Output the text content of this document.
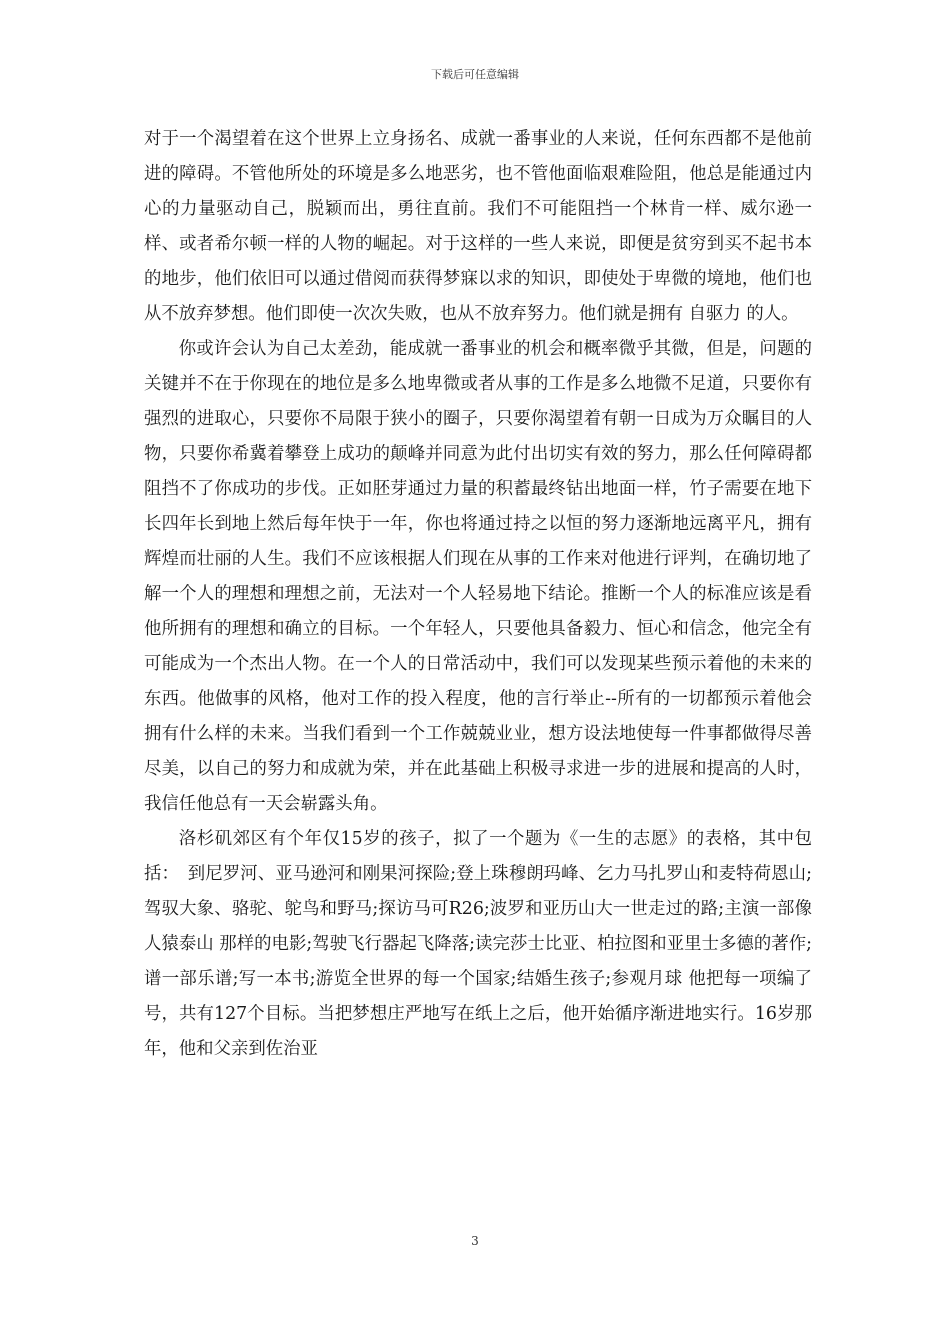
下载后可任意编辑

对于一个渴望着在这个世界上立身扬名、成就一番事业的人来说，任何东西都不是他前进的障碍。不管他所处的环境是多么地恶劣，也不管他面临艰难险阻，他总是能通过内心的力量驱动自己，脱颖而出，勇往直前。我们不可能阻挡一个林肯一样、威尔逊一样、或者希尔顿一样的人物的崛起。对于这样的一些人来说，即便是贫穷到买不起书本的地步，他们依旧可以通过借阅而获得梦寐以求的知识，即使处于卑微的境地，他们也从不放弃梦想。他们即使一次次失败，也从不放弃努力。他们就是拥有 自驱力 的人。

你或许会认为自己太差劲，能成就一番事业的机会和概率微乎其微，但是，问题的关键并不在于你现在的地位是多么地卑微或者从事的工作是多么地微不足道，只要你有强烈的进取心，只要你不局限于狭小的圈子，只要你渴望着有朝一日成为万众瞩目的人物，只要你希冀着攀登上成功的颠峰并同意为此付出切实有效的努力，那么任何障碍都阻挡不了你成功的步伐。正如胚芽通过力量的积蓄最终钻出地面一样，竹子需要在地下长四年长到地上然后每年快于一年，你也将通过持之以恒的努力逐渐地远离平凡，拥有辉煌而壮丽的人生。我们不应该根据人们现在从事的工作来对他进行评判，在确切地了解一个人的理想和理想之前，无法对一个人轻易地下结论。推断一个人的标准应该是看他所拥有的理想和确立的目标。一个年轻人，只要他具备毅力、恒心和信念，他完全有可能成为一个杰出人物。在一个人的日常活动中，我们可以发现某些预示着他的未来的东西。他做事的风格，他对工作的投入程度，他的言行举止--所有的一切都预示着他会拥有什么样的未来。当我们看到一个工作兢兢业业，想方设法地使每一件事都做得尽善尽美，以自己的努力和成就为荣，并在此基础上积极寻求进一步的进展和提高的人时，我信任他总有一天会崭露头角。

洛杉矶郊区有个年仅15岁的孩子，拟了一个题为《一生的志愿》的表格，其中包括：　到尼罗河、亚马逊河和刚果河探险;登上珠穆朗玛峰、乞力马扎罗山和麦特荷恩山;驾驭大象、骆驼、鸵鸟和野马;探访马可R26;波罗和亚历山大一世走过的路;主演一部像 人猿泰山 那样的电影;驾驶飞行器起飞降落;读完莎士比亚、柏拉图和亚里士多德的著作;谱一部乐谱;写一本书;游览全世界的每一个国家;结婚生孩子;参观月球 他把每一项编了号，共有127个目标。当把梦想庄严地写在纸上之后，他开始循序渐进地实行。16岁那年，他和父亲到佐治亚

3
